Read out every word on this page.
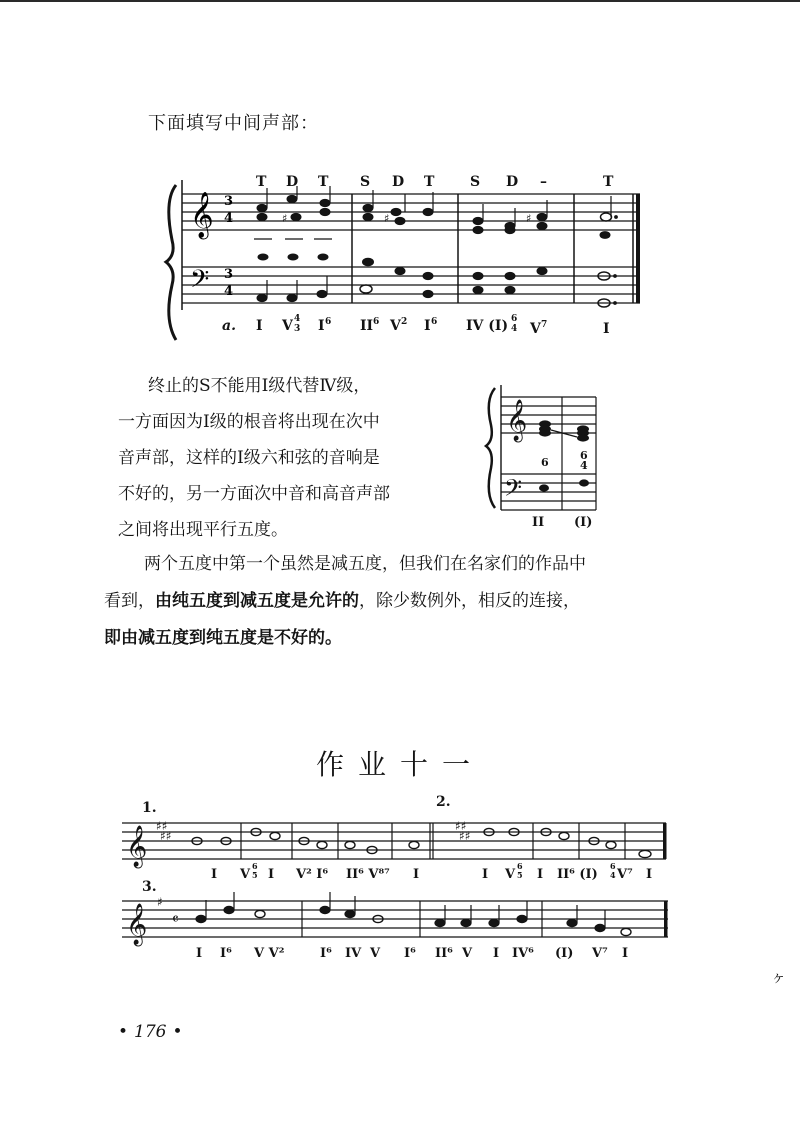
下面填写中间声部：
𝄞
𝄢
3
4
3
4
♯	♯	♯
T D T S D T	S D –	T
a. I V 4
3 I 6 II 6 V 2 I 6 IV (I) 6
4 V 7	I

终止的S不能用Ⅰ级代替Ⅳ级，

一方面因为Ⅰ级的根音将出现在次中

音声部，这样的Ⅰ级六和弦的音响是

不好的，另一方面次中音和高音声部

之间将出现平行五度。

𝄞
𝄢
6
6
4
II (I)

两个五度中第一个虽然是减五度，但我们在名家们的作品中

看到，由纯五度到减五度是允许的，除少数例外，相反的连接，

即由减五度到纯五度是不好的。

作业十一
𝄞 ♯♯
♯♯
♯♯
♯♯
1.	2.
I V
6
5 I V² I⁶ II⁶ V⁸⁷ I	I V
6
5 I II⁶ (I)
6
4 V⁷ I
𝄞
♯
𝄴
3.
I I⁶ V V²	I⁶ IV V I⁶ II⁶ V I IV⁶ (I) V⁷ I
• 176 •
ヶ
